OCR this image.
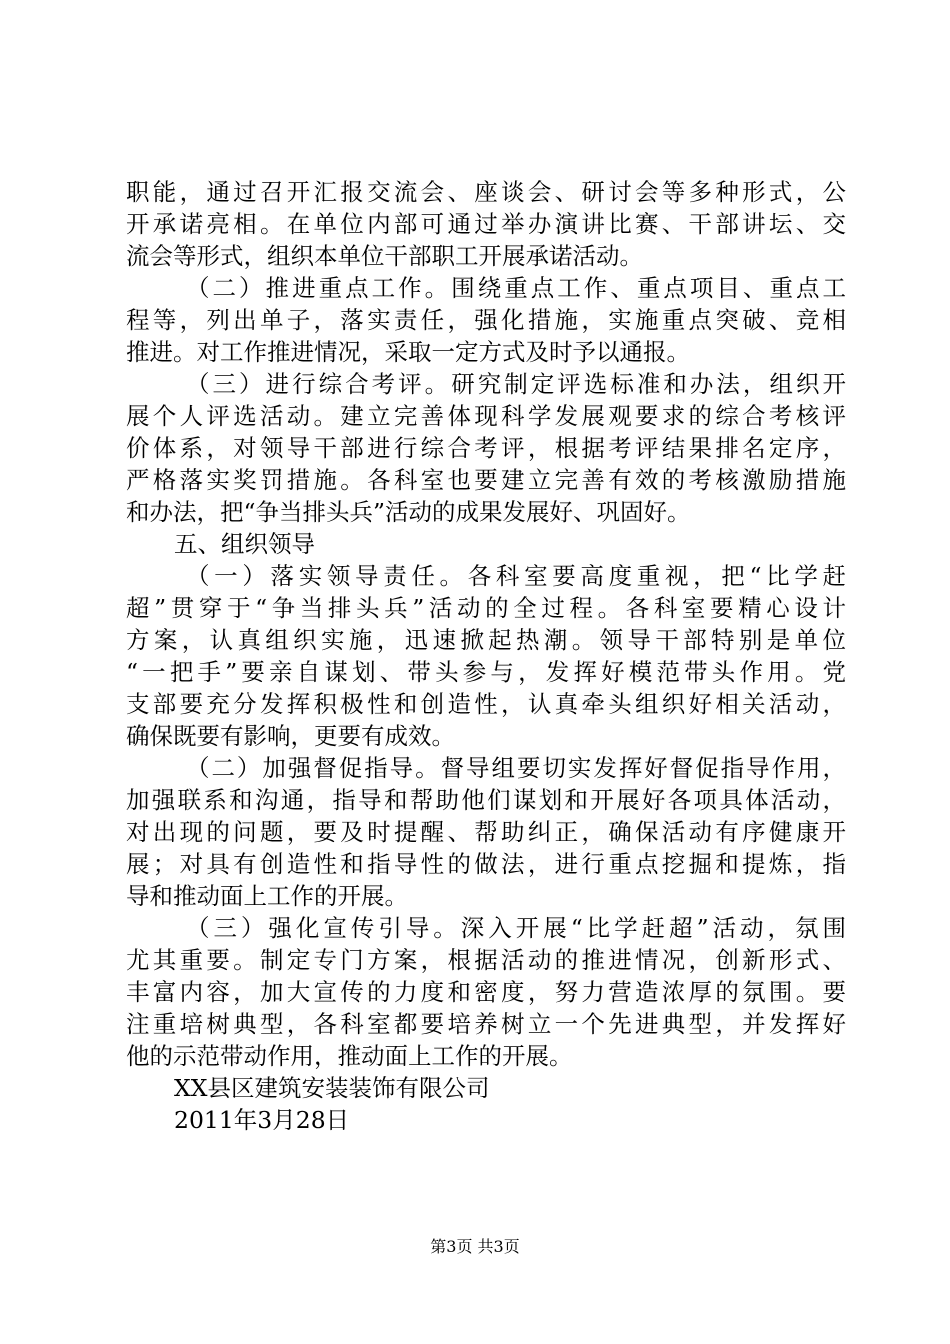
职能，通过召开汇报交流会、座谈会、研讨会等多种形式，公
开承诺亮相。在单位内部可通过举办演讲比赛、干部讲坛、交
流会等形式，组织本单位干部职工开展承诺活动。
（二）推进重点工作。围绕重点工作、重点项目、重点工
程等，列出单子，落实责任，强化措施，实施重点突破、竞相
推进。对工作推进情况，采取一定方式及时予以通报。
（三）进行综合考评。研究制定评选标准和办法，组织开
展个人评选活动。建立完善体现科学发展观要求的综合考核评
价体系，对领导干部进行综合考评，根据考评结果排名定序，
严格落实奖罚措施。各科室也要建立完善有效的考核激励措施
和办法，把“争当排头兵”活动的成果发展好、巩固好。
五、组织领导
（一）落实领导责任。各科室要高度重视，把“比学赶
超”贯穿于“争当排头兵”活动的全过程。各科室要精心设计
方案，认真组织实施，迅速掀起热潮。领导干部特别是单位
“一把手”要亲自谋划、带头参与，发挥好模范带头作用。党
支部要充分发挥积极性和创造性，认真牵头组织好相关活动，
确保既要有影响，更要有成效。
（二）加强督促指导。督导组要切实发挥好督促指导作用，
加强联系和沟通，指导和帮助他们谋划和开展好各项具体活动，
对出现的问题，要及时提醒、帮助纠正，确保活动有序健康开
展；对具有创造性和指导性的做法，进行重点挖掘和提炼，指
导和推动面上工作的开展。
（三）强化宣传引导。深入开展“比学赶超”活动，氛围
尤其重要。制定专门方案，根据活动的推进情况，创新形式、
丰富内容，加大宣传的力度和密度，努力营造浓厚的氛围。要
注重培树典型，各科室都要培养树立一个先进典型，并发挥好
他的示范带动作用，推动面上工作的开展。
XX县区建筑安装装饰有限公司
2011年3月28日
第3页 共3页
